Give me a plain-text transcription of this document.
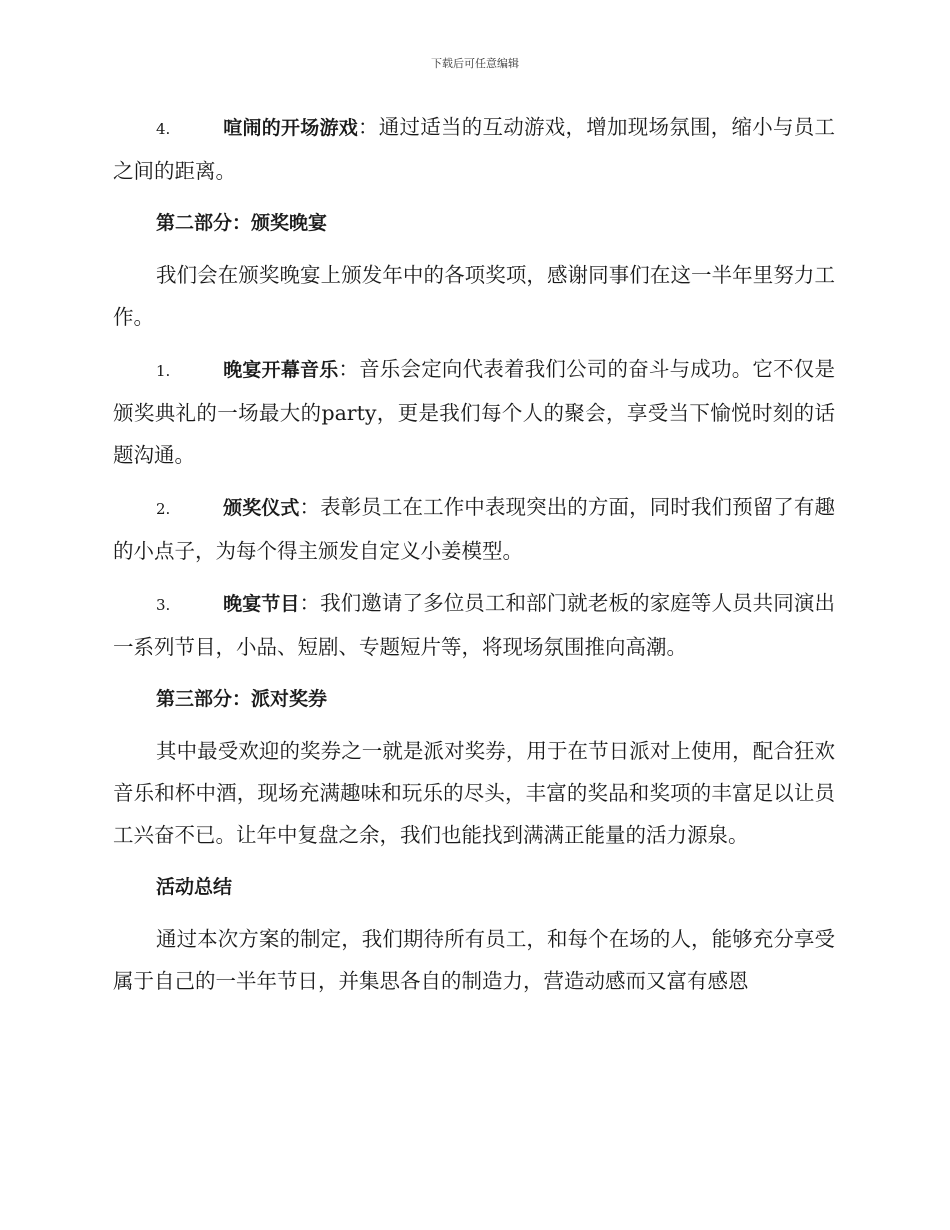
下载后可任意编辑

4.	喧闹的开场游戏：通过适当的互动游戏，增加现场氛围，缩小与员工之间的距离。

第二部分：颁奖晚宴

我们会在颁奖晚宴上颁发年中的各项奖项，感谢同事们在这一半年里努力工作。

1.	晚宴开幕音乐：音乐会定向代表着我们公司的奋斗与成功。它不仅是颁奖典礼的一场最大的party，更是我们每个人的聚会，享受当下愉悦时刻的话题沟通。

2.	颁奖仪式：表彰员工在工作中表现突出的方面，同时我们预留了有趣的小点子，为每个得主颁发自定义小姜模型。

3.	晚宴节目：我们邀请了多位员工和部门就老板的家庭等人员共同演出一系列节目，小品、短剧、专题短片等，将现场氛围推向高潮。

第三部分：派对奖券

其中最受欢迎的奖券之一就是派对奖券，用于在节日派对上使用，配合狂欢音乐和杯中酒，现场充满趣味和玩乐的尽头，丰富的奖品和奖项的丰富足以让员工兴奋不已。让年中复盘之余，我们也能找到满满正能量的活力源泉。

活动总结

通过本次方案的制定，我们期待所有员工，和每个在场的人，能够充分享受属于自己的一半年节日，并集思各自的制造力，营造动感而又富有感恩
